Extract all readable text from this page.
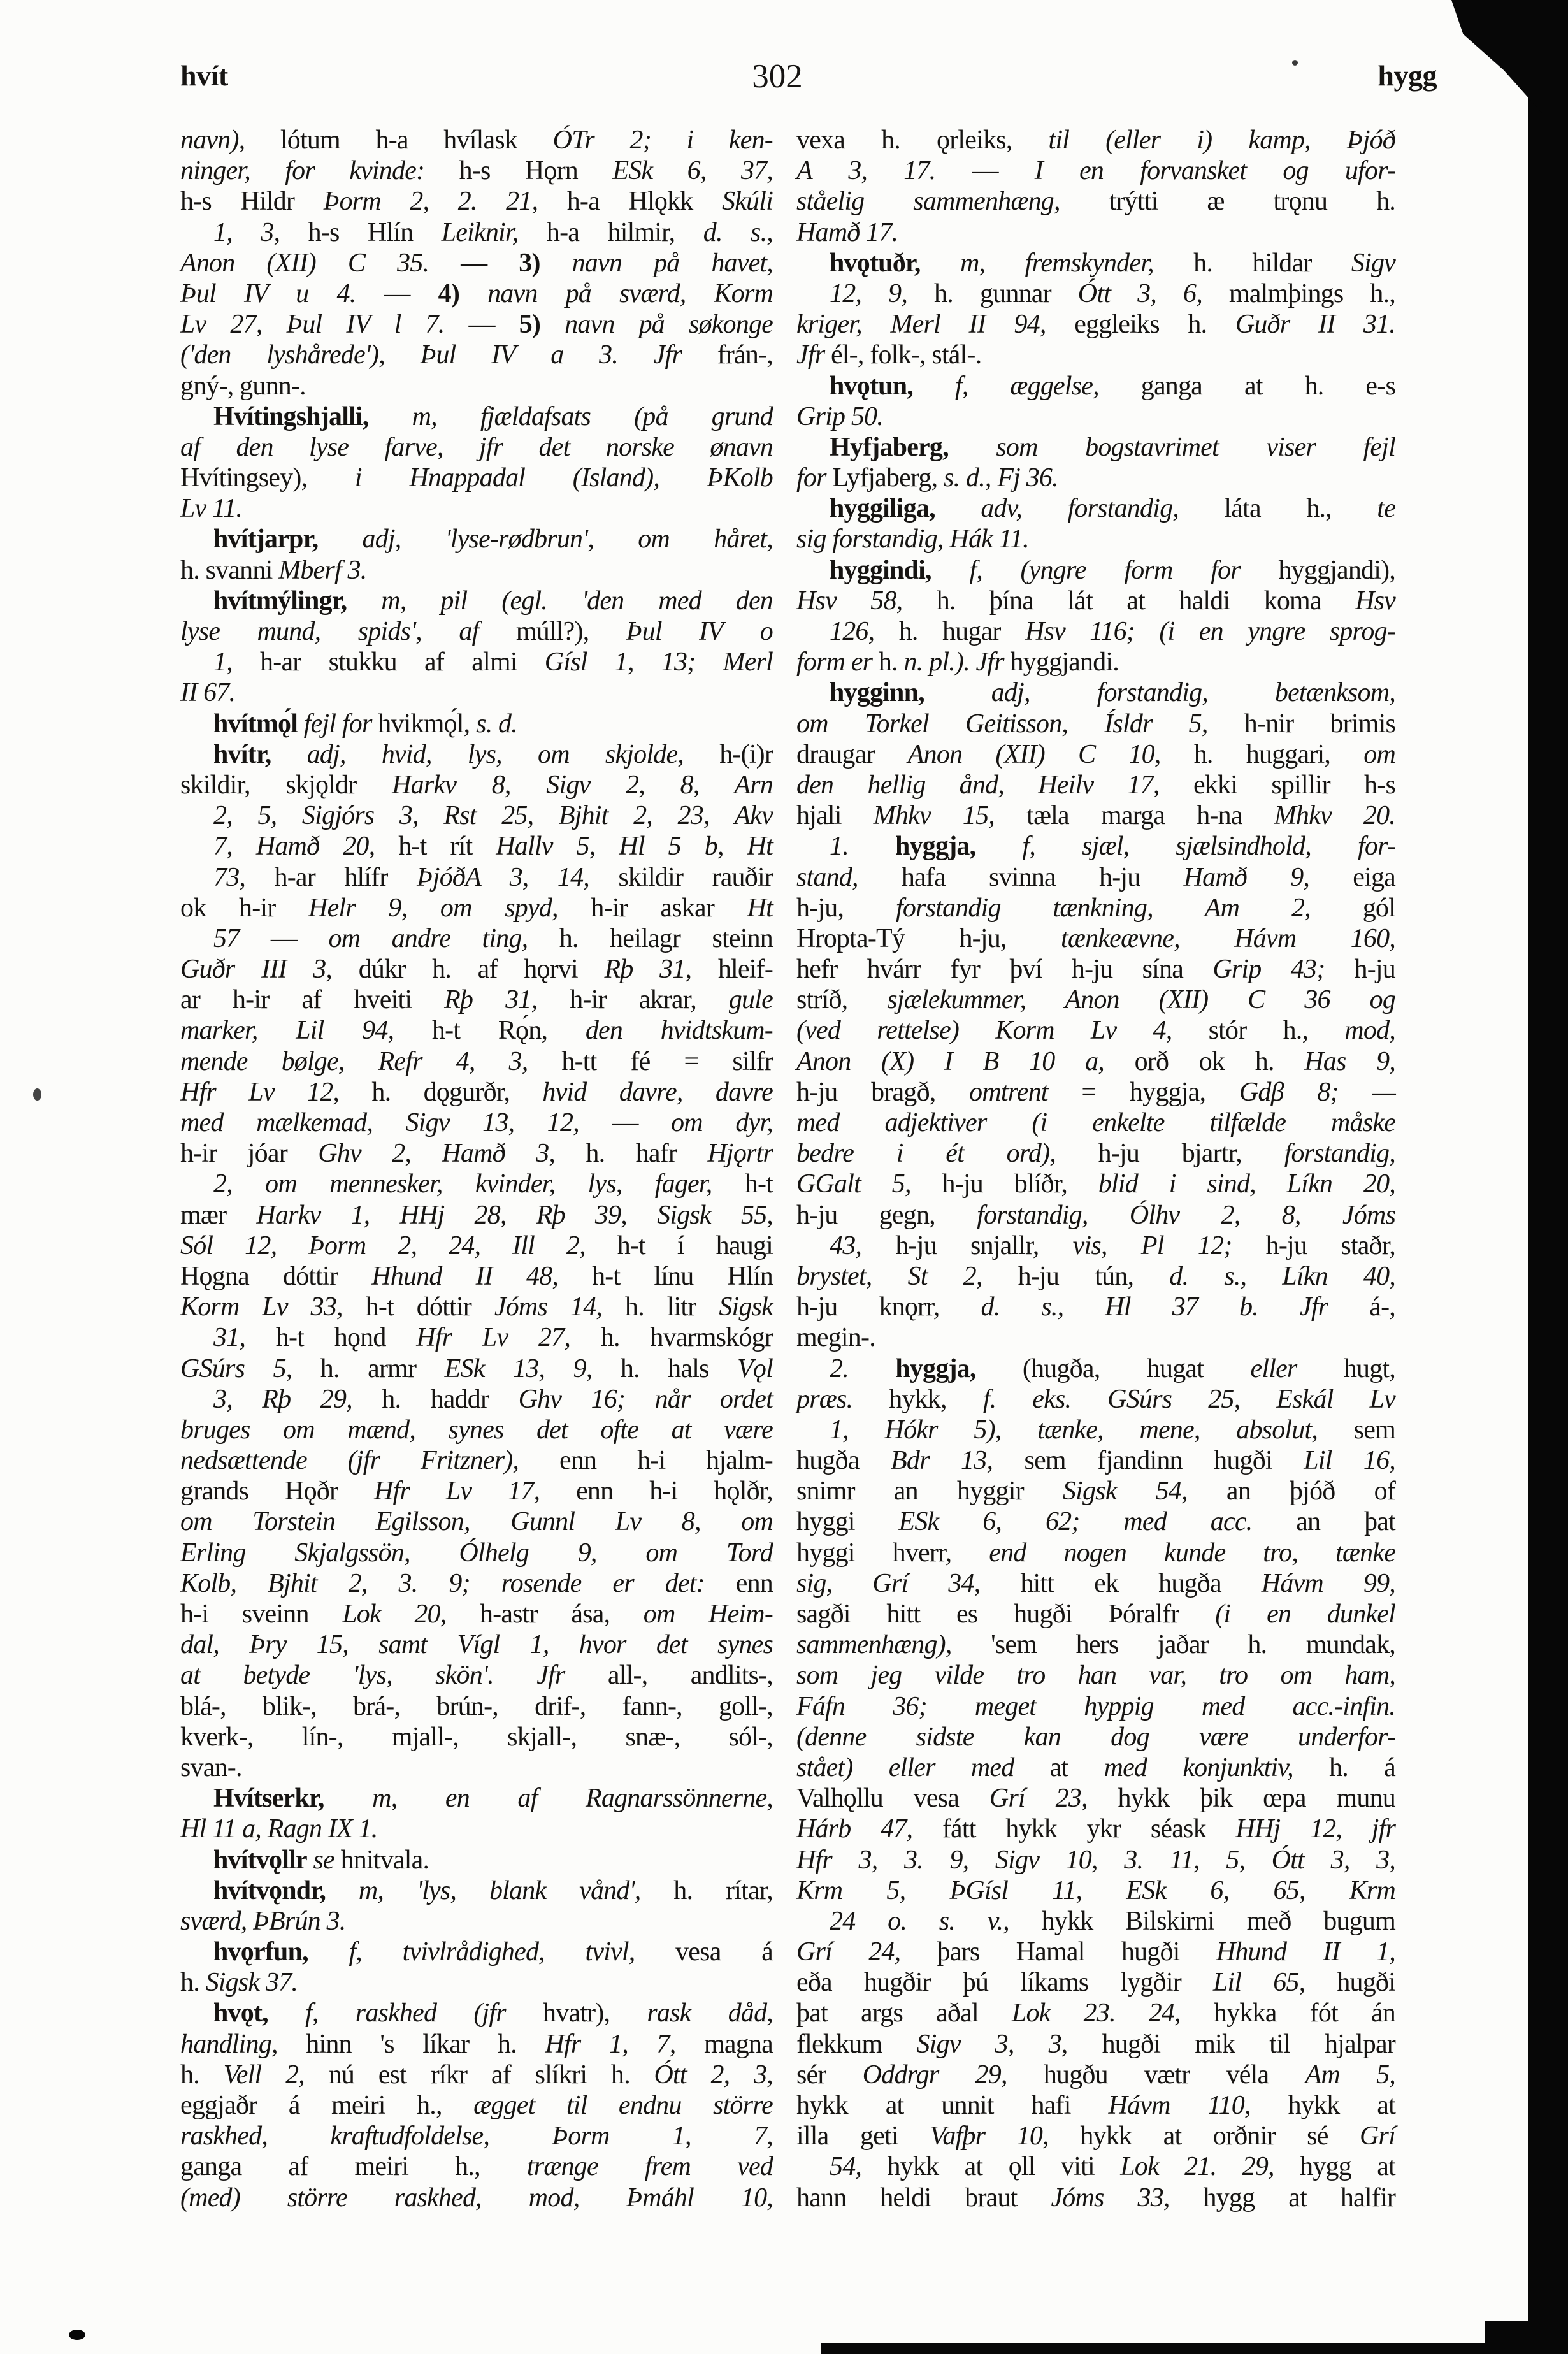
hvít	302	hygg
navn), lótum h-a hvílask ÓTr 2; i ken-
ninger, for kvinde: h-s Hǫrn ESk 6, 37,
h-s Hildr Þorm 2, 2. 21, h-a Hlǫkk Skúli
1, 3, h-s Hlín Leiknir, h-a hilmir, d. s.,
Anon (XII) C 35. — 3) navn på havet,
Þul IV u 4. — 4) navn på sværd, Korm
Lv 27, Þul IV l 7. — 5) navn på søkonge
('den lyshårede'), Þul IV a 3. Jfr frán-,
gný-, gunn-.
Hvítingshjalli, m, fjældafsats (på grund
af den lyse farve, jfr det norske ønavn
Hvítingsey), i Hnappadal (Island), ÞKolb
Lv 11.
hvítjarpr, adj, 'lyse-rødbrun', om håret,
h. svanni Mberf 3.
hvítmýlingr, m, pil (egl. 'den med den
lyse mund, spids', af múll?), Þul IV o
1, h-ar stukku af almi Gísl 1, 13; Merl
II 67.
hvítmǫ́l fejl for hvikmǫ́l, s. d.
hvítr, adj, hvid, lys, om skjolde, h-(i)r
skildir, skjǫldr Harkv 8, Sigv 2, 8, Arn
2, 5, Sigjórs 3, Rst 25, Bjhit 2, 23, Akv
7, Hamð 20, h-t rít Hallv 5, Hl 5 b, Ht
73, h-ar hlífr ÞjóðA 3, 14, skildir rauðir
ok h-ir Helr 9, om spyd, h-ir askar Ht
57 — om andre ting, h. heilagr steinn
Guðr III 3, dúkr h. af hǫrvi Rþ 31, hleif-
ar h-ir af hveiti Rþ 31, h-ir akrar, gule
marker, Lil 94, h-t Rǫ́n, den hvidtskum-
mende bølge, Refr 4, 3, h-tt fé = silfr
Hfr Lv 12, h. dǫgurðr, hvid davre, davre
med mælkemad, Sigv 13, 12, — om dyr,
h-ir jóar Ghv 2, Hamð 3, h. hafr Hjǫrtr
2, om mennesker, kvinder, lys, fager, h-t
mær Harkv 1, HHj 28, Rþ 39, Sigsk 55,
Sól 12, Þorm 2, 24, Ill 2, h-t í haugi
Hǫgna dóttir Hhund II 48, h-t línu Hlín
Korm Lv 33, h-t dóttir Jóms 14, h. litr Sigsk
31, h-t hǫnd Hfr Lv 27, h. hvarmskógr
GSúrs 5, h. armr ESk 13, 9, h. hals Vǫl
3, Rþ 29, h. haddr Ghv 16; når ordet
bruges om mænd, synes det ofte at være
nedsættende (jfr Fritzner), enn h-i hjalm-
grands Hǫðr Hfr Lv 17, enn h-i hǫlðr,
om Torstein Egilsson, Gunnl Lv 8, om
Erling Skjalgssön, Ólhelg 9, om Tord
Kolb, Bjhit 2, 3. 9; rosende er det: enn
h-i sveinn Lok 20, h-astr ása, om Heim-
dal, Þry 15, samt Vígl 1, hvor det synes
at betyde 'lys, skön'. Jfr all-, andlits-,
blá-, blik-, brá-, brún-, drif-, fann-, goll-,
kverk-, lín-, mjall-, skjall-, snæ-, sól-,
svan-.
Hvítserkr, m, en af Ragnarssönnerne,
Hl 11 a, Ragn IX 1.
hvítvǫllr se hnitvala.
hvítvǫndr, m, 'lys, blank vånd', h. rítar,
sværd, ÞBrún 3.
hvǫrfun, f, tvivlrådighed, tvivl, vesa á
h. Sigsk 37.
hvǫt, f, raskhed (jfr hvatr), rask dåd,
handling, hinn 's líkar h. Hfr 1, 7, magna
h. Vell 2, nú est ríkr af slíkri h. Ótt 2, 3,
eggjaðr á meiri h., ægget til endnu större
raskhed, kraftudfoldelse, Þorm 1, 7,
ganga af meiri h., trænge frem ved
(med) större raskhed, mod, Þmáhl 10,
vexa h. ǫrleiks, til (eller i) kamp, Þjóð
A 3, 17. — I en forvansket og ufor-
ståelig sammenhæng, trýtti æ trǫnu h.
Hamð 17.
hvǫtuðr, m, fremskynder, h. hildar Sigv
12, 9, h. gunnar Ótt 3, 6, malmþings h.,
kriger, Merl II 94, eggleiks h. Guðr II 31.
Jfr él-, folk-, stál-.
hvǫtun, f, æggelse, ganga at h. e-s
Grip 50.
Hyfjaberg, som bogstavrimet viser fejl
for Lyfjaberg, s. d., Fj 36.
hyggiliga, adv, forstandig, láta h., te
sig forstandig, Hák 11.
hyggindi, f, (yngre form for hyggjandi),
Hsv 58, h. þína lát at haldi koma Hsv
126, h. hugar Hsv 116; (i en yngre sprog-
form er h. n. pl.). Jfr hyggjandi.
hygginn, adj, forstandig, betænksom,
om Torkel Geitisson, Ísldr 5, h-nir brimis
draugar Anon (XII) C 10, h. huggari, om
den hellig ånd, Heilv 17, ekki spillir h-s
hjali Mhkv 15, tæla marga h-na Mhkv 20.
1. hyggja, f, sjæl, sjælsindhold, for-
stand, hafa svinna h-ju Hamð 9, eiga
h-ju, forstandig tænkning, Am 2, gól
Hropta-Tý h-ju, tænkeævne, Hávm 160,
hefr hvárr fyr því h-ju sína Grip 43; h-ju
stríð, sjælekummer, Anon (XII) C 36 og
(ved rettelse) Korm Lv 4, stór h., mod,
Anon (X) I B 10 a, orð ok h. Has 9,
h-ju bragð, omtrent = hyggja, Gdβ 8; —
med adjektiver (i enkelte tilfælde måske
bedre i ét ord), h-ju bjartr, forstandig,
GGalt 5, h-ju blíðr, blid i sind, Líkn 20,
h-ju gegn, forstandig, Ólhv 2, 8, Jóms
43, h-ju snjallr, vis, Pl 12; h-ju staðr,
brystet, St 2, h-ju tún, d. s., Líkn 40,
h-ju knǫrr, d. s., Hl 37 b. Jfr á-,
megin-.
2. hyggja, (hugða, hugat eller hugt,
præs. hykk, f. eks. GSúrs 25, Eskál Lv
1, Hókr 5), tænke, mene, absolut, sem
hugða Bdr 13, sem fjandinn hugði Lil 16,
snimr an hyggir Sigsk 54, an þjóð of
hyggi ESk 6, 62; med acc. an þat
hyggi hverr, end nogen kunde tro, tænke
sig, Grí 34, hitt ek hugða Hávm 99,
sagði hitt es hugði Þóralfr (i en dunkel
sammenhæng), 'sem hers jaðar h. mundak,
som jeg vilde tro han var, tro om ham,
Fáfn 36; meget hyppig med acc.-infin.
(denne sidste kan dog være underfor-
stået) eller med at med konjunktiv, h. á
Valhǫllu vesa Grí 23, hykk þik œpa munu
Hárb 47, fátt hykk ykr séask HHj 12, jfr
Hfr 3, 3. 9, Sigv 10, 3. 11, 5, Ótt 3, 3,
Krm 5, ÞGísl 11, ESk 6, 65, Krm
24 o. s. v., hykk Bilskirni með bugum
Grí 24, þars Hamal hugði Hhund II 1,
eða hugðir þú líkams lygðir Lil 65, hugði
þat args aðal Lok 23. 24, hykka fót án
flekkum Sigv 3, 3, hugði mik til hjalpar
sér Oddrgr 29, hugðu vætr véla Am 5,
hykk at unnit hafi Hávm 110, hykk at
illa geti Vafþr 10, hykk at orðnir sé Grí
54, hykk at ǫll viti Lok 21. 29, hygg at
hann heldi braut Jóms 33, hygg at halfir
